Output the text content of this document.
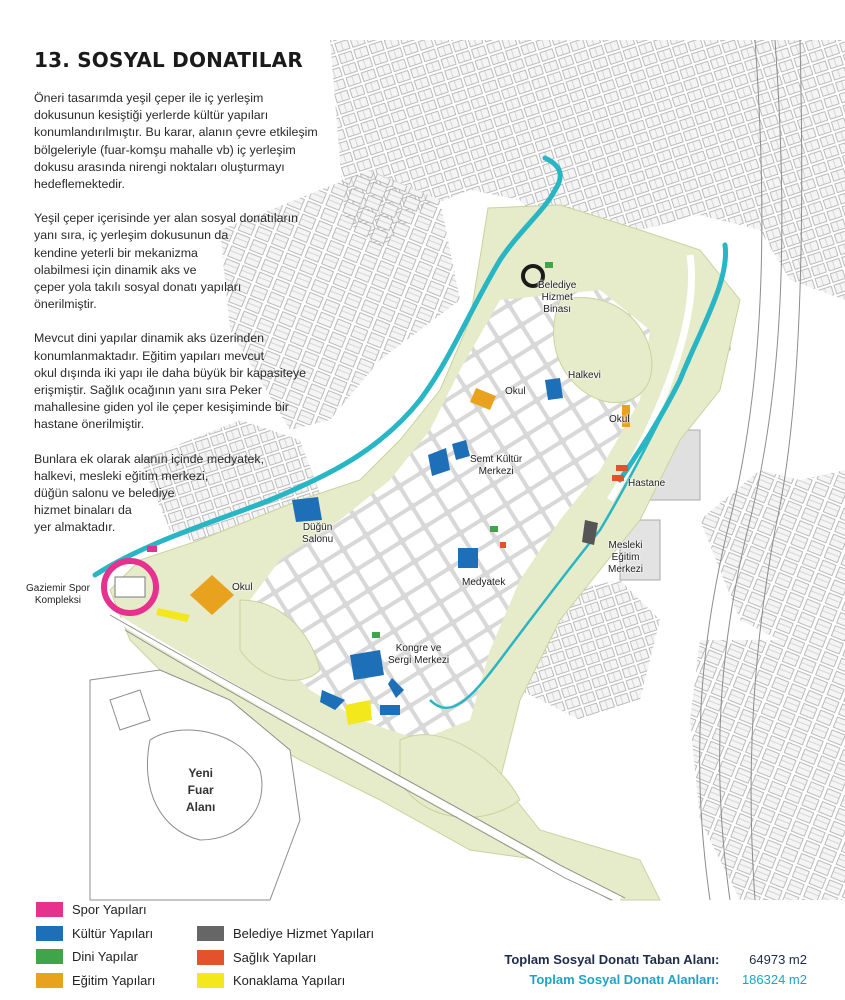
13. SOSYAL DONATILAR

Öneri tasarımda yeşil çeper ile iç yerleşim
dokusunun kesiştiği yerlerde kültür yapıları
konumlandırılmıştır. Bu karar, alanın çevre etkileşim
bölgeleriyle (fuar-komşu mahalle vb) iç yerleşim
dokusu arasında nirengi noktaları oluşturmayı
hedeflemektedir.

Yeşil çeper içerisinde yer alan sosyal donatıların
yanı sıra, iç yerleşim dokusunun da
kendine yeterli bir mekanizma
olabilmesi için dinamik aks ve
çeper yola takılı sosyal donatı yapıları
önerilmiştir.

Mevcut dini yapılar dinamik aks üzerinden
konumlanmaktadır. Eğitim yapıları mevcut
okul dışında iki yapı ile daha büyük bir kapasiteye
erişmiştir. Sağlık ocağının yanı sıra Peker
mahallesine giden yol ile çeper kesişiminde bir
hastane önerilmiştir.

Bunlara ek olarak alanın içinde medyatek,
halkevi, mesleki eğitim merkezi,
düğün salonu ve belediye
hizmet binaları da
yer almaktadır.

Belediye
Hizmet
Binası
Okul
Halkevi
Okul
Semt Kültür
Merkezi
Hastane
Düğün
Salonu
Mesleki
Eğitim
Merkezi
Gaziemir Spor
Kompleksi
Okul	Medyatek
Kongre ve
Sergi Merkezi
Yeni
Fuar
Alanı
Spor Yapıları
Kültür Yapıları
Dini Yapılar
Eğitim Yapıları
Belediye Hizmet Yapıları
Sağlık Yapıları
Konaklama Yapıları
Toplam Sosyal Donatı Taban Alanı: 64973 m2
Toplam Sosyal Donatı Alanları: 186324 m2
